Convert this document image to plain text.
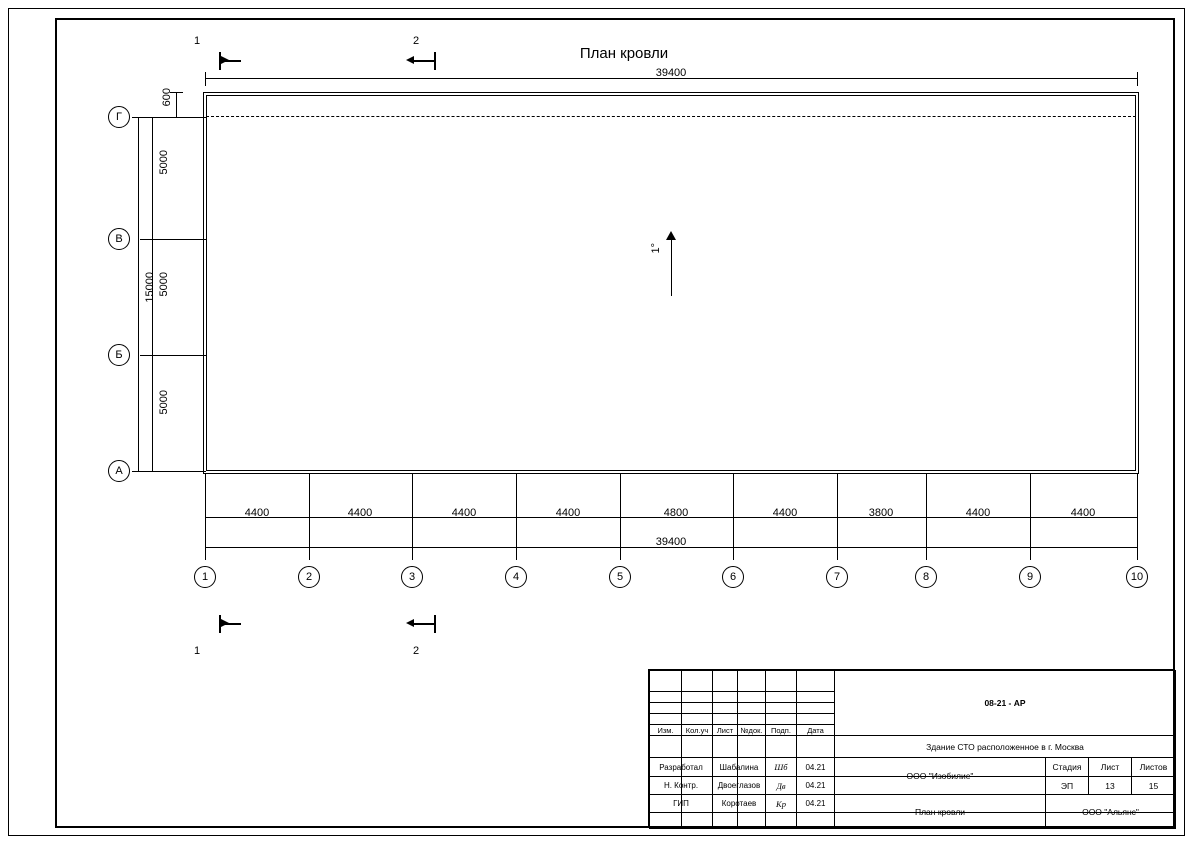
План кровли
1	2
39400
1°
Г
В
Б
А
5000
5000
5000
15000
600
4400	4400	4400	4400	4800	4400	3800	4400	4400
39400
1	2	3	4	5	6	7	8	9	10
1	2
08-21 - АР
Здание СТО расположенное в г. Москва
ООО "Изобилие"
План кровли	ООО "Альянс"
Стадия	Лист	Листов
ЭП	13	15
Изм.	Кол.уч	Лист №док.	Подп.	Дата
Разработал	Шабалина	Шб	04.21
Н. Контр.	Двоеглазов	Дв	04.21
ГИП	Коротаев	Кр	04.21
